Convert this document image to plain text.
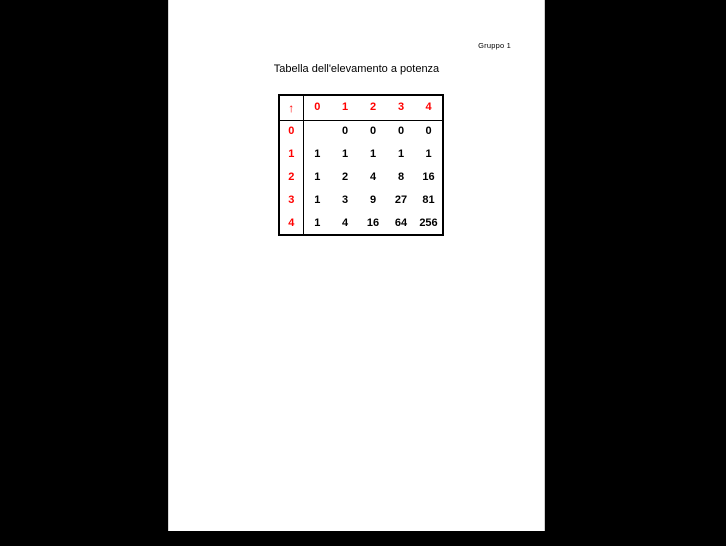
Gruppo 1
Tabella dell'elevamento a potenza
↑	0	1	2	3	4
0		0	0	0	0
1	1	1	1	1	1
2	1	2	4	8	16
3	1	3	9	27	81
4	1	4	16	64	256
